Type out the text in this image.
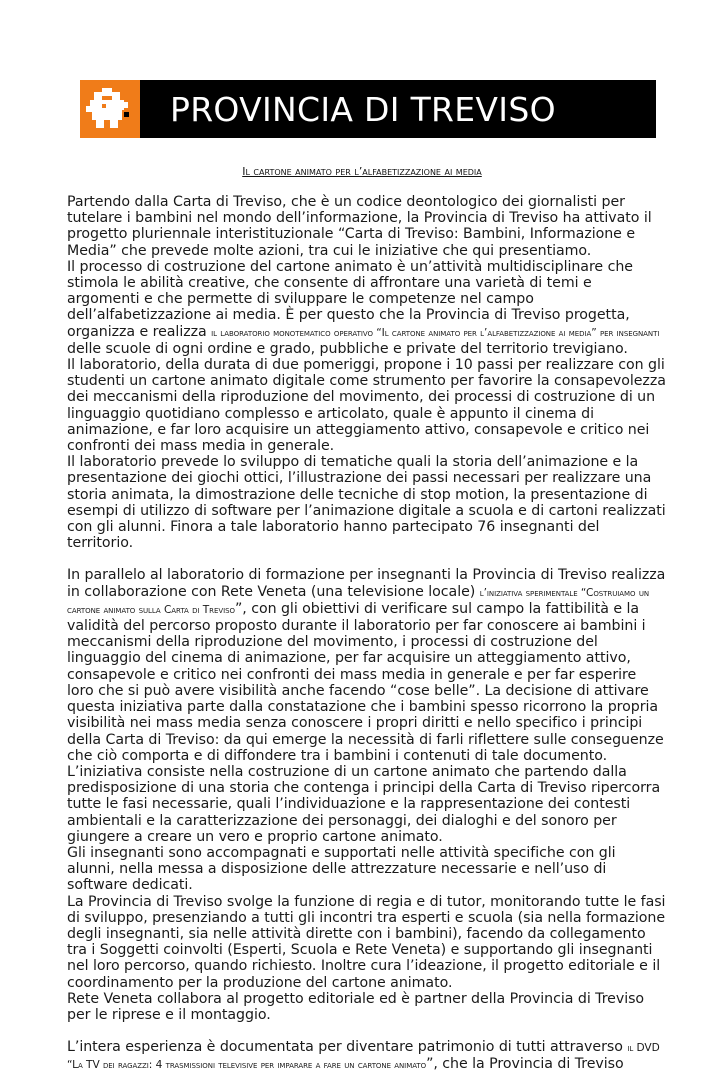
PROVINCIA DI TREVISO
Il cartone animato per l’alfabetizzazione ai media

Partendo dalla Carta di Treviso, che è un codice deontologico dei giornalisti per tutelare i bambini nel mondo dell’informazione, la Provincia di Treviso ha attivato il progetto pluriennale interistituzionale “Carta di Treviso: Bambini, Informazione e Media” che prevede molte azioni, tra cui le iniziative che qui presentiamo.

Il processo di costruzione del cartone animato è un’attività multidisciplinare che stimola le abilità creative, che consente di affrontare una varietà di temi e argomenti e che permette di sviluppare le competenze nel campo dell’alfabetizzazione ai media. È per questo che la Provincia di Treviso progetta, organizza e realizza il laboratorio monotematico operativo “Il cartone animato per l’alfabetizzazione ai media” per insegnanti delle scuole di ogni ordine e grado, pubbliche e private del territorio trevigiano.

Il laboratorio, della durata di due pomeriggi, propone i 10 passi per realizzare con gli studenti un cartone animato digitale come strumento per favorire la consapevolezza dei meccanismi della riproduzione del movimento, dei processi di costruzione di un linguaggio quotidiano complesso e articolato, quale è appunto il cinema di animazione, e far loro acquisire un atteggiamento attivo, consapevole e critico nei confronti dei mass media in generale.

Il laboratorio prevede lo sviluppo di tematiche quali la storia dell’animazione e la presentazione dei giochi ottici, l’illustrazione dei passi necessari per realizzare una storia animata, la dimostrazione delle tecniche di stop motion, la presentazione di esempi di utilizzo di software per l’animazione digitale a scuola e di cartoni realizzati con gli alunni. Finora a tale laboratorio hanno partecipato 76 insegnanti del territorio.

In parallelo al laboratorio di formazione per insegnanti la Provincia di Treviso realizza in collaborazione con Rete Veneta (una televisione locale) l’iniziativa sperimentale “Costruiamo un cartone animato sulla Carta di Treviso”, con gli obiettivi di verificare sul campo la fattibilità e la validità del percorso proposto durante il laboratorio per far conoscere ai bambini i meccanismi della riproduzione del movimento, i processi di costruzione del linguaggio del cinema di animazione, per far acquisire un atteggiamento attivo, consapevole e critico nei confronti dei mass media in generale e per far esperire loro che si può avere visibilità anche facendo “cose belle”. La decisione di attivare questa iniziativa parte dalla constatazione che i bambini spesso ricorrono la propria visibilità nei mass media senza conoscere i propri diritti e nello specifico i principi della Carta di Treviso: da qui emerge la necessità di farli riflettere sulle conseguenze che ciò comporta e di diffondere tra i bambini i contenuti di tale documento.

L’iniziativa consiste nella costruzione di un cartone animato che partendo dalla predisposizione di una storia che contenga i principi della Carta di Treviso ripercorra tutte le fasi necessarie, quali l’individuazione e la rappresentazione dei contesti ambientali e la caratterizzazione dei personaggi, dei dialoghi e del sonoro per giungere a creare un vero e proprio cartone animato.

Gli insegnanti sono accompagnati e supportati nelle attività specifiche con gli alunni, nella messa a disposizione delle attrezzature necessarie e nell’uso di software dedicati.

La Provincia di Treviso svolge la funzione di regia e di tutor, monitorando tutte le fasi di sviluppo, presenziando a tutti gli incontri tra esperti e scuola (sia nella formazione degli insegnanti, sia nelle attività dirette con i bambini), facendo da collegamento tra i Soggetti coinvolti (Esperti, Scuola e Rete Veneta) e supportando gli insegnanti nel loro percorso, quando richiesto. Inoltre cura l’ideazione, il progetto editoriale e il coordinamento per la produzione del cartone animato.

Rete Veneta collabora al progetto editoriale ed è partner della Provincia di Treviso per le riprese e il montaggio.

L’intera esperienza è documentata per diventare patrimonio di tutti attraverso il DVD “La TV dei ragazzi: 4 trasmissioni televisive per imparare a fare un cartone animato”, che la Provincia di Treviso
